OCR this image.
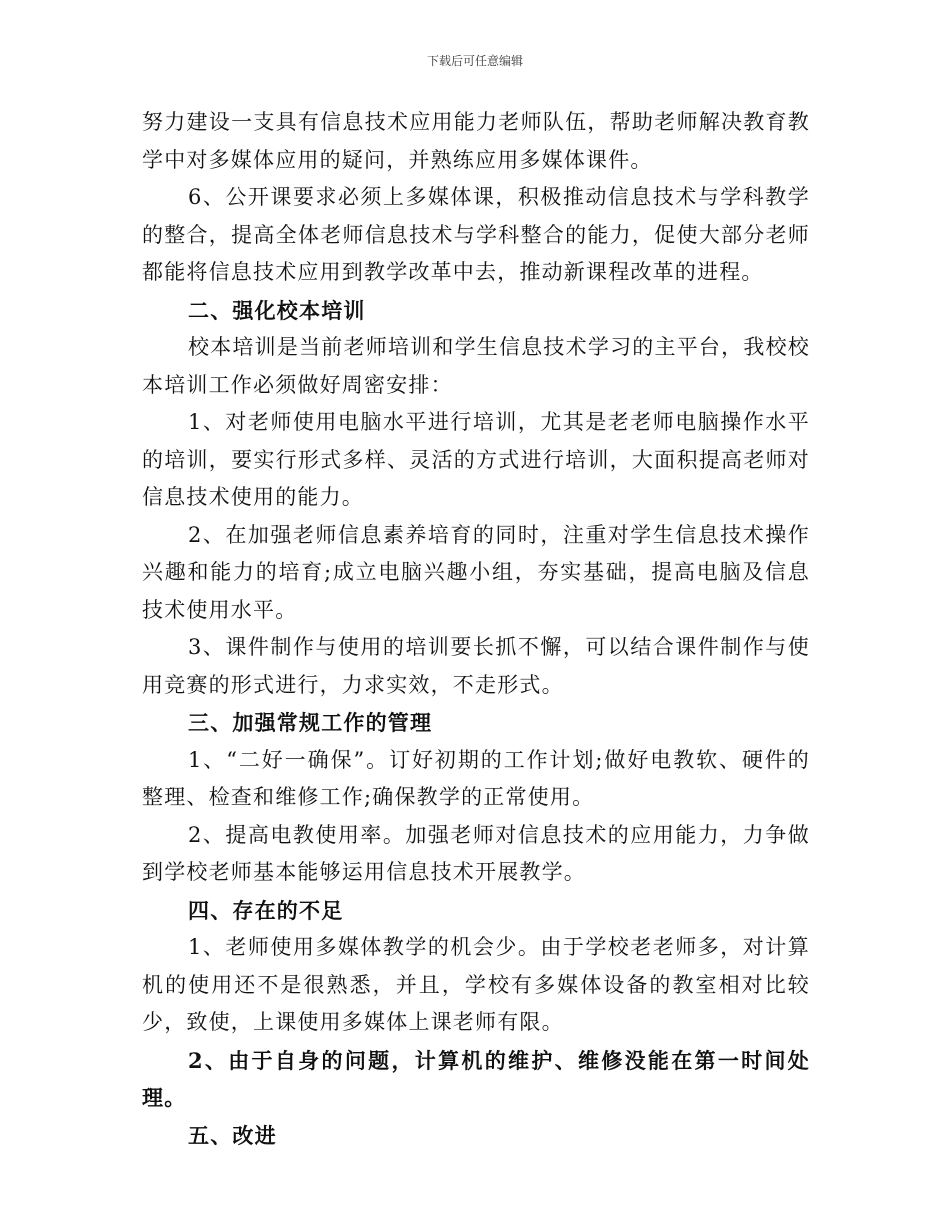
下载后可任意编辑

努力建设一支具有信息技术应用能力老师队伍，帮助老师解决教育教学中对多媒体应用的疑问，并熟练应用多媒体课件。

6、公开课要求必须上多媒体课，积极推动信息技术与学科教学的整合，提高全体老师信息技术与学科整合的能力，促使大部分老师都能将信息技术应用到教学改革中去，推动新课程改革的进程。

二、强化校本培训

校本培训是当前老师培训和学生信息技术学习的主平台，我校校本培训工作必须做好周密安排：

1、对老师使用电脑水平进行培训，尤其是老老师电脑操作水平的培训，要实行形式多样、灵活的方式进行培训，大面积提高老师对信息技术使用的能力。

2、在加强老师信息素养培育的同时，注重对学生信息技术操作兴趣和能力的培育;成立电脑兴趣小组，夯实基础，提高电脑及信息技术使用水平。

3、课件制作与使用的培训要长抓不懈，可以结合课件制作与使用竞赛的形式进行，力求实效，不走形式。

三、加强常规工作的管理

1、“二好一确保”。订好初期的工作计划;做好电教软、硬件的整理、检查和维修工作;确保教学的正常使用。

2、提高电教使用率。加强老师对信息技术的应用能力，力争做到学校老师基本能够运用信息技术开展教学。

四、存在的不足

1、老师使用多媒体教学的机会少。由于学校老老师多，对计算机的使用还不是很熟悉，并且，学校有多媒体设备的教室相对比较少，致使，上课使用多媒体上课老师有限。

2、由于自身的问题，计算机的维护、维修没能在第一时间处理。

五、改进
